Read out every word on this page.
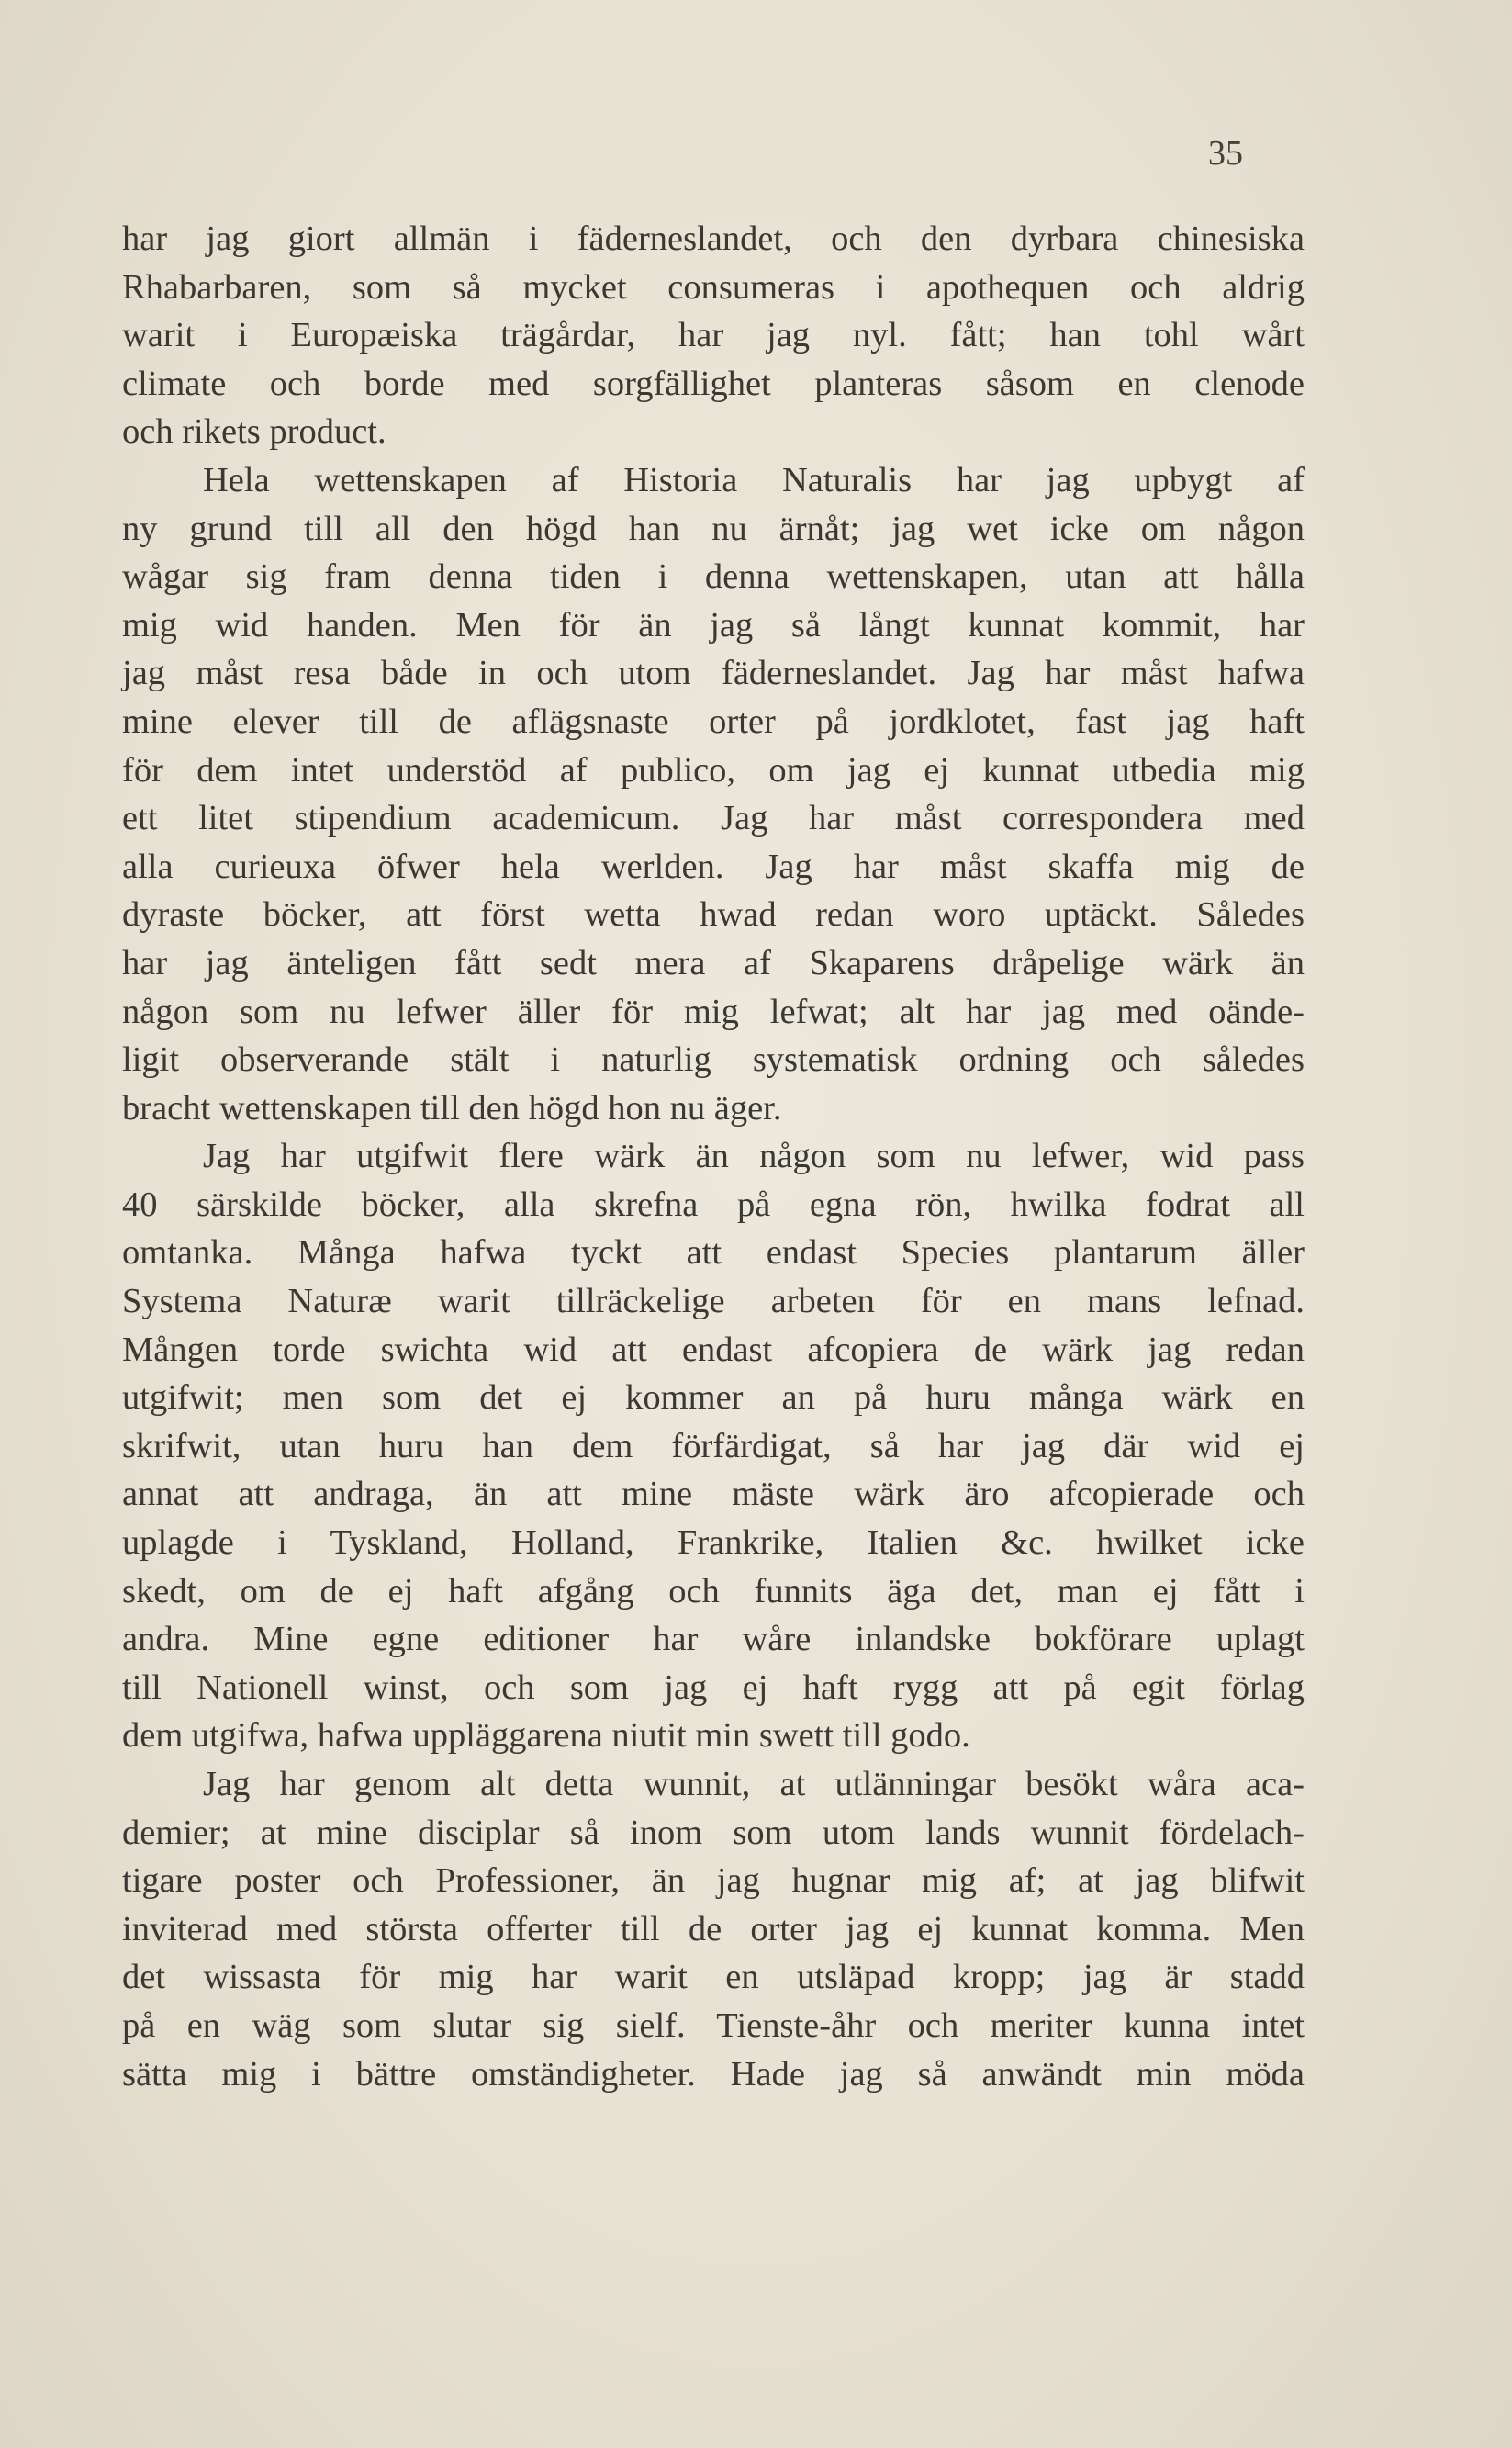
35
har jag giort allmän i fäderneslandet, och den dyrbara chinesiska
Rhabarbaren, som så mycket consumeras i apothequen och aldrig
warit i Europæiska trägårdar, har jag nyl. fått; han tohl wårt
climate och borde med sorgfällighet planteras såsom en clenode
och rikets product.
Hela wettenskapen af Historia Naturalis har jag upbygt af
ny grund till all den högd han nu ärnåt; jag wet icke om någon
wågar sig fram denna tiden i denna wettenskapen, utan att hålla
mig wid handen. Men för än jag så långt kunnat kommit, har
jag måst resa både in och utom fäderneslandet. Jag har måst hafwa
mine elever till de aflägsnaste orter på jordklotet, fast jag haft
för dem intet understöd af publico, om jag ej kunnat utbedia mig
ett litet stipendium academicum. Jag har måst correspondera med
alla curieuxa öfwer hela werlden. Jag har måst skaffa mig de
dyraste böcker, att först wetta hwad redan woro uptäckt. Således
har jag änteligen fått sedt mera af Skaparens dråpelige wärk än
någon som nu lefwer äller för mig lefwat; alt har jag med oände-
ligit observerande stält i naturlig systematisk ordning och således
bracht wettenskapen till den högd hon nu äger.
Jag har utgifwit flere wärk än någon som nu lefwer, wid pass
40 särskilde böcker, alla skrefna på egna rön, hwilka fodrat all
omtanka. Många hafwa tyckt att endast Species plantarum äller
Systema Naturæ warit tillräckelige arbeten för en mans lefnad.
Mången torde swichta wid att endast afcopiera de wärk jag redan
utgifwit; men som det ej kommer an på huru många wärk en
skrifwit, utan huru han dem förfärdigat, så har jag där wid ej
annat att andraga, än att mine mäste wärk äro afcopierade och
uplagde i Tyskland, Holland, Frankrike, Italien &c. hwilket icke
skedt, om de ej haft afgång och funnits äga det, man ej fått i
andra. Mine egne editioner har wåre inlandske bokförare uplagt
till Nationell winst, och som jag ej haft rygg att på egit förlag
dem utgifwa, hafwa uppläggarena niutit min swett till godo.
Jag har genom alt detta wunnit, at utlänningar besökt wåra aca-
demier; at mine disciplar så inom som utom lands wunnit fördelach-
tigare poster och Professioner, än jag hugnar mig af; at jag blifwit
inviterad med största offerter till de orter jag ej kunnat komma. Men
det wissasta för mig har warit en utsläpad kropp; jag är stadd
på en wäg som slutar sig sielf. Tienste-åhr och meriter kunna intet
sätta mig i bättre omständigheter. Hade jag så anwändt min möda
